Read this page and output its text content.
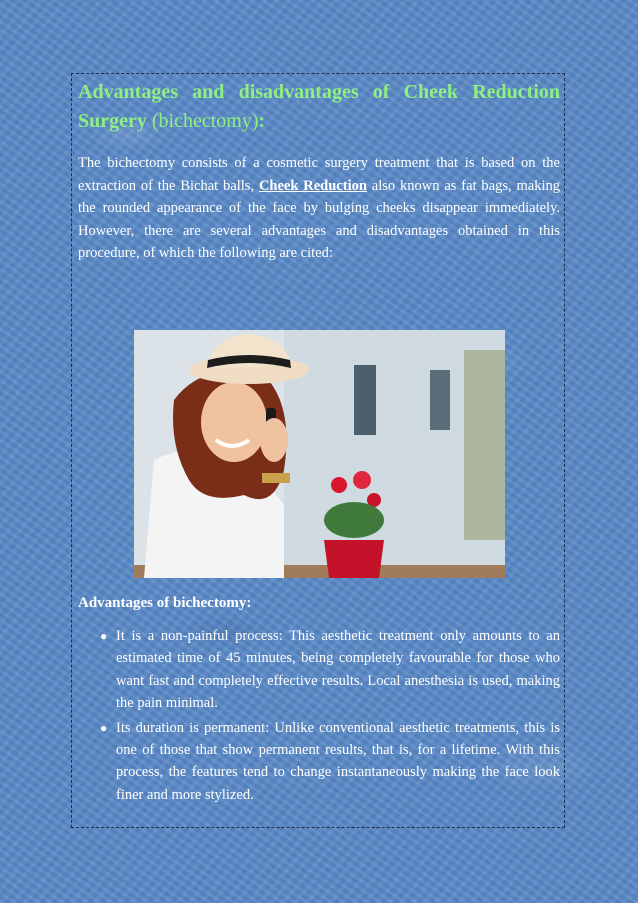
Advantages and disadvantages of Cheek Reduction Surgery (bichectomy):

The bichectomy consists of a cosmetic surgery treatment that is based on the extraction of the Bichat balls, Cheek Reduction also known as fat bags, making the rounded appearance of the face by bulging cheeks disappear immediately. However, there are several advantages and disadvantages obtained in this procedure, of which the following are cited:

Advantages of bichectomy:
● It is a non-painful process: This aesthetic treatment only amounts to an estimated time of 45 minutes, being completely favourable for those who want fast and completely effective results. Local anesthesia is used, making the pain minimal.
● Its duration is permanent: Unlike conventional aesthetic treatments, this is one of those that show permanent results, that is, for a lifetime. With this process, the features tend to change instantaneously making the face look finer and more stylized.
